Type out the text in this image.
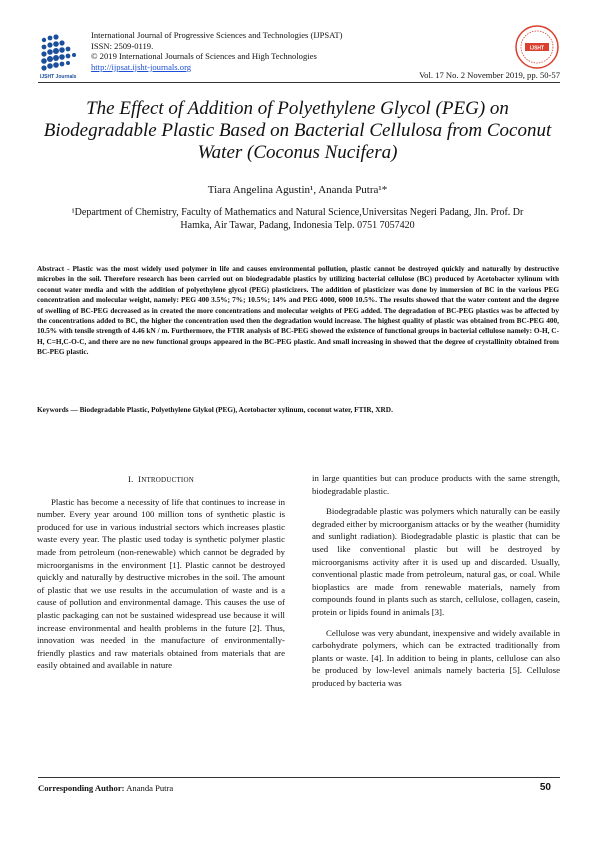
IJSHT Journals
International Journal of Progressive Sciences and Technologies (IJPSAT)
ISSN: 2509-0119.
© 2019 International Journals of Sciences and High Technologies
http://ijpsat.ijsht-journals.org
IJSHT
Vol. 17 No. 2 November 2019, pp. 50-57
The Effect of Addition of Polyethylene Glycol (PEG) on Biodegradable Plastic Based on Bacterial Cellulosa from Coconut Water (Coconus Nucifera)
Tiara Angelina Agustin¹, Ananda Putra¹*
¹Department of Chemistry, Faculty of Mathematics and Natural Science,Universitas Negeri Padang, Jln. Prof. Dr Hamka, Air Tawar, Padang, Indonesia Telp. 0751 7057420
Abstract - Plastic was the most widely used polymer in life and causes environmental pollution, plastic cannot be destroyed quickly and naturally by destructive microbes in the soil. Therefore research has been carried out on biodegradable plastics by utilizing bacterial cellulose (BC) produced by Acetobacter xylinum with coconut water media and with the addition of polyethylene glycol (PEG) plasticizers. The addition of plasticizer was done by immersion of BC in the various PEG concentration and molecular weight, namely: PEG 400 3.5%; 7%; 10.5%; 14% and PEG 4000, 6000 10.5%. The results showed that the water content and the degree of swelling of BC-PEG decreased as in created the more concentrations and molecular weights of PEG added. The degradation of BC-PEG plastics was be affected by the concentrations added to BC, the higher the concentration used then the degradation would increase. The highest quality of plastic was obtained from BC-PEG 400, 10.5% with tensile strength of 4.46 kN / m. Furthermore, the FTIR analysis of BC-PEG showed the existence of functional groups in bacterial cellulose namely: O-H, C-H, C=H,C-O-C, and there are no new functional groups appeared in the BC-PEG plastic. And small increasing in showed that the degree of crystallinity obtained from BC-PEG plastic.
Keywords — Biodegradable Plastic, Polyethylene Glykol (PEG), Acetobacter xylinum, coconut water, FTIR, XRD.
I. INTRODUCTION

Plastic has become a necessity of life that continues to increase in number. Every year around 100 million tons of synthetic plastic is produced for use in various industrial sectors which increases plastic waste every year. The plastic used today is synthetic polymer plastic made from petroleum (non-renewable) which cannot be degraded by microorganisms in the environment [1]. Plastic cannot be destroyed quickly and naturally by destructive microbes in the soil. The amount of plastic that we use results in the accumulation of waste and is a cause of pollution and environmental damage. This causes the use of plastic packaging can not be sustained widespread use because it will increase environmental and health problems in the future [2]. Thus, innovation was needed in the manufacture of environmentally-friendly plastics and raw materials obtained from materials that are easily obtained and available in nature

in large quantities but can produce products with the same strength, biodegradable plastic.

Biodegradable plastic was polymers which naturally can be easily degraded either by microorganism attacks or by the weather (humidity and sunlight radiation). Biodegradable plastic is plastic that can be used like conventional plastic but will be destroyed by microorganisms activity after it is used up and discarded. Usually, conventional plastic made from petroleum, natural gas, or coal. While bioplastics are made from renewable materials, namely from compounds found in plants such as starch, cellulose, collagen, casein, protein or lipids found in animals [3].

Cellulose was very abundant, inexpensive and widely available in carbohydrate polymers, which can be extracted traditionally from plants or waste. [4]. In addition to being in plants, cellulose can also be produced by low-level animals namely bacteria [5]. Cellulose produced by bacteria was

Corresponding Author: Ananda Putra	50
